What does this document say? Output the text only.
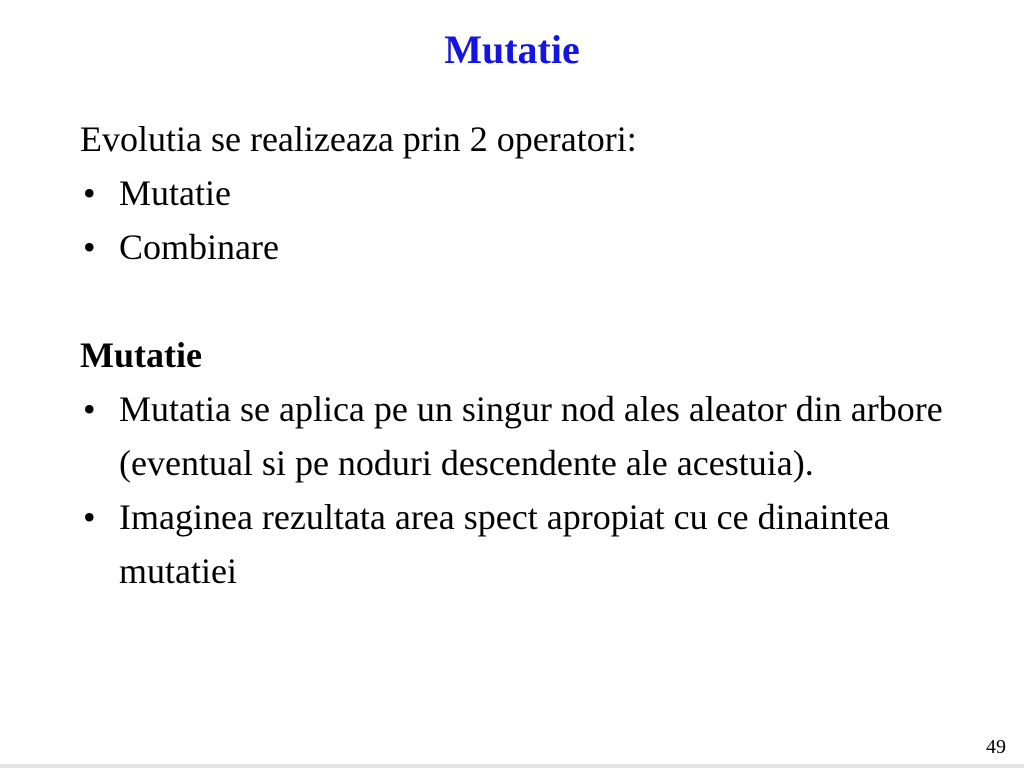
Mutatie
Evolutia se realizeaza prin 2 operatori:
• Mutatie
• Combinare
Mutatie
• Mutatia se aplica pe un singur nod ales aleator din arbore (eventual si pe noduri descendente ale acestuia).
• Imaginea rezultata area spect apropiat cu ce dinaintea mutatiei
49
